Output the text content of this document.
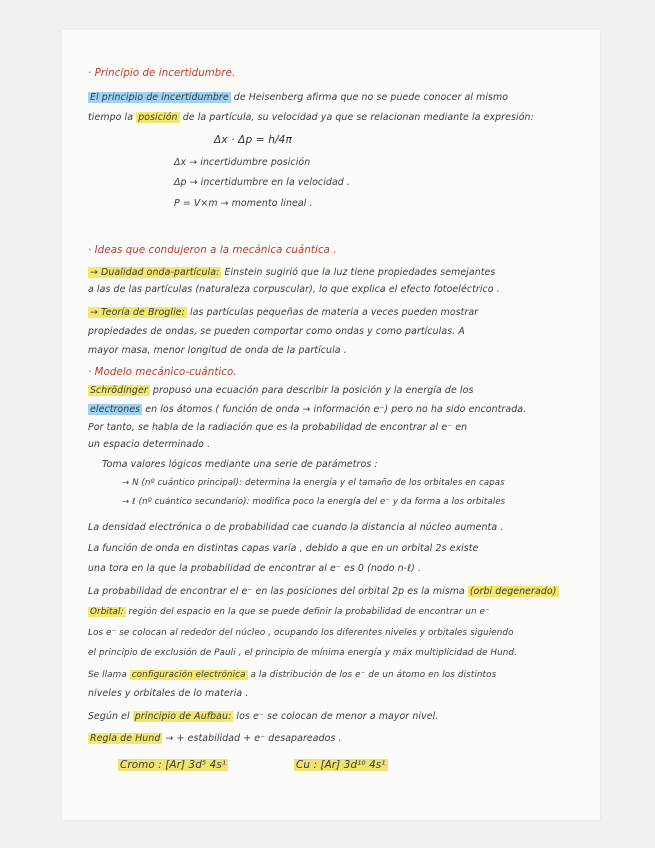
· Principio de incertidumbre.
El principio de incertidumbre de Heisenberg afirma que no se puede conocer al mismo
tiempo la posición de la partícula, su velocidad ya que se relacionan mediante la expresión:
Δx · Δp = h/4π
Δx → incertidumbre posición
Δp → incertidumbre en la velocidad .
P = V×m → momento lineal .
· Ideas que condujeron a la mecánica cuántica .
→ Dualidad onda-partícula: Einstein sugirió que la luz tiene propiedades semejantes
a las de las partículas (naturaleza corpuscular), lo que explica el efecto fotoeléctrico .
→ Teoría de Broglie: las partículas pequeñas de materia a veces pueden mostrar
propiedades de ondas, se pueden comportar como ondas y como partículas. A
mayor masa, menor longitud de onda de la partícula .
· Modelo mecánico-cuántico.
Schrödinger propuso una ecuación para describir la posición y la energía de los
electrones en los átomos ( función de onda → información e⁻) pero no ha sido encontrada.
Por tanto, se habla de la radiación que es la probabilidad de encontrar al e⁻ en
un espacio determinado .
Toma valores lógicos mediante una serie de parámetros :
→ N (nº cuántico principal): determina la energía y el tamaño de los orbitales en capas
→ ℓ (nº cuántico secundario): modifica poco la energía del e⁻ y da forma a los orbitales
La densidad electrónica o de probabilidad cae cuando la distancia al núcleo aumenta .
La función de onda en distintas capas varía , debido a que en un orbital 2s existe
una tora en la que la probabilidad de encontrar al e⁻ es 0 (nodo n-ℓ) .
La probabilidad de encontrar el e⁻ en las posiciones del orbital 2p es la misma (orbi degenerado)
Orbital: región del espacio en la que se puede definir la probabilidad de encontrar un e⁻
Los e⁻ se colocan al rededor del núcleo , ocupando los diferentes niveles y orbitales siguiendo
el principio de exclusión de Pauli , el principio de mínima energía y máx multiplicidad de Hund.
Se llama configuración electrónica a la distribución de los e⁻ de un átomo en los distintos
niveles y orbitales de lo materia .
Según el principio de Aufbau: los e⁻ se colocan de menor a mayor nivel.
Regla de Hund → + estabilidad + e⁻ desapareados .
Cromo : [Ar] 3d⁵ 4s¹	Cu : [Ar] 3d¹⁰ 4s¹
